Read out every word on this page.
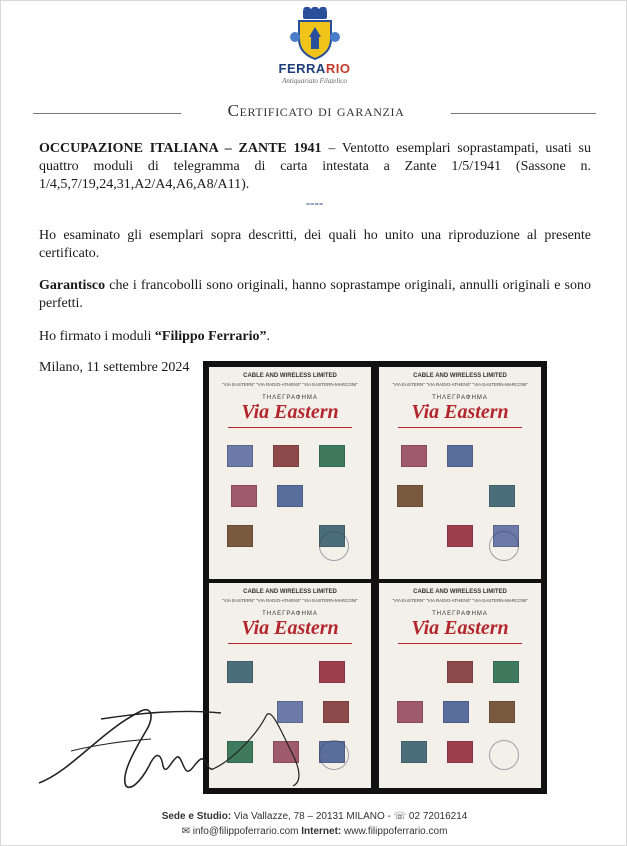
FERRARIO
Antiquariato Filatelico
Certificato di garanzia
OCCUPAZIONE ITALIANA – ZANTE 1941 – Ventotto esemplari soprastampati, usati su quattro moduli di telegramma di carta intestata a Zante 1/5/1941 (Sassone n. 1/4,5,7/19,24,31,A2/A4,A6,A8/A11).
----
Ho esaminato gli esemplari sopra descritti, dei quali ho unito una riproduzione al presente certificato.
Garantisco che i francobolli sono originali, hanno soprastampe originali, annulli originali e sono perfetti.
Ho firmato i moduli “Filippo Ferrario”.
Milano, 11 settembre 2024
CABLE AND WIRELESS LIMITED
"VIA EASTERN" "VIA RADIO-ATHENS" "VIA EASTERN-MARCONI"
ΤΗΛΕΓΡΑΦΗΜΑ
Via Eastern
CABLE AND WIRELESS LIMITED
"VIA EASTERN" "VIA RADIO-ATHENS" "VIA EASTERN-MARCONI"
ΤΗΛΕΓΡΑΦΗΜΑ
Via Eastern
CABLE AND WIRELESS LIMITED
"VIA EASTERN" "VIA RADIO-ATHENS" "VIA EASTERN-MARCONI"
ΤΗΛΕΓΡΑΦΗΜΑ
Via Eastern
CABLE AND WIRELESS LIMITED
"VIA EASTERN" "VIA RADIO-ATHENS" "VIA EASTERN-MARCONI"
ΤΗΛΕΓΡΑΦΗΜΑ
Via Eastern
Sede e Studio: Via Vallazze, 78 – 20131 MILANO - ☏ 02 72016214
✉ info@filippoferrario.com Internet: www.filippoferrario.com
